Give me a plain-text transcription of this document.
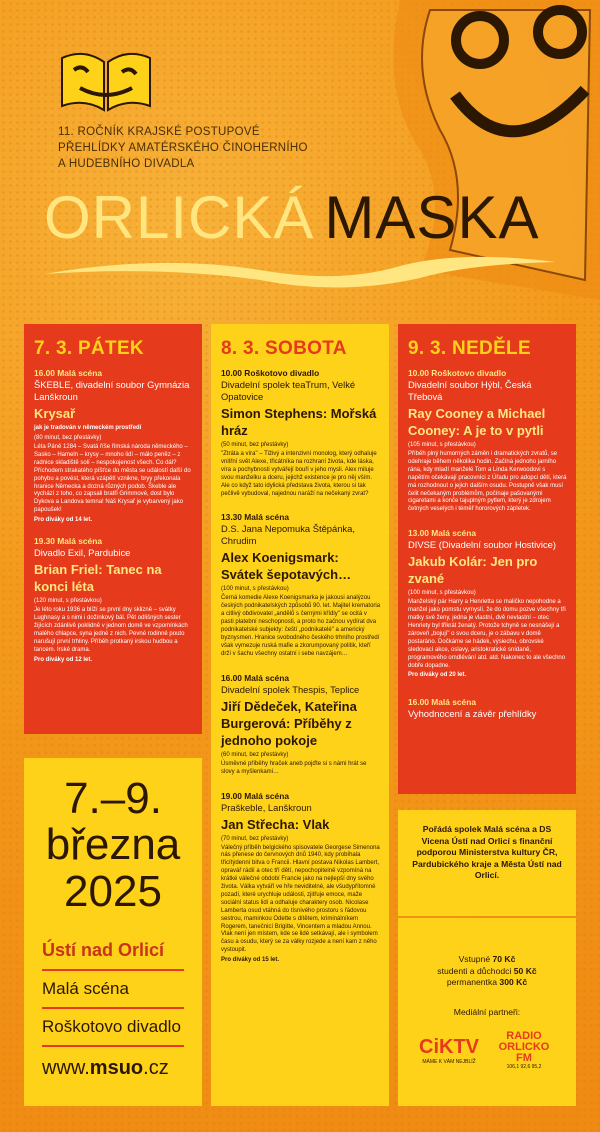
11. ROČNÍK KRAJSKÉ POSTUPOVÉ
PŘEHLÍDKY AMATÉRSKÉHO ČINOHERNÍHO
A HUDEBNÍHO DIVADLA
ORLICKÁ MASKA
7. 3. PÁTEK
16.00 Malá scéna
ŠKEBLE, divadelní soubor Gymnázia Lanškroun
Krysař
jak je tradován v německém prostředí
(80 minut, bez přestávky)
Léta Páně 1284 – Svatá říše římská národa německého – Sasko – Hameln – krysy – mnoho lidí – málo peněz – z radnice skladiště solí – nespokojenost všech. Co dál? Příchodem strakatého píšťce do města se událostí další do pohybu a povést, která vzápětí vznikne, bryy překonala hranice Německa a dozná různých podob. Škeble ale vychází z toho, co zapsali bratři Grimmové, dost bylo Dykova a Landova temna! Náš Krysař je vybarvený jako papoušek!
Pro diváky od 14 let.
19.30 Malá scéna
Divadlo Exil, Pardubice
Brian Friel: Tanec na konci léta
(120 minut, s přestávkou)
Je léto roku 1936 a blíží se první dny sklizně – svátky Lughnasy a s nimi i dožínkový bál. Pět odlišných sester žijících zdánlivě poklidně v jednom domě ve vzpomínkách malého chlapce, syna jedné z nich. Pevné rodinné pouto narušují první trhliny. Příběh protkaný irskou hudbou a tancem. Irské drama.
Pro diváky od 12 let.
8. 3. SOBOTA
10.00 Roškotovo divadlo
Divadelní spolek teaTrum, Velké Opatovice
Simon Stephens: Mořská hráz
(50 minut, bez přestávky)
"Ztráta a víra" – Tiživý a intenzivní monolog, který odhaluje vnitřní svět Alexe, třicátníka na rozhraní života, kde láska, víra a pochybnosti vytvářejí bouři v jeho mysli. Alex miluje svou manželku a dceru, jejichž existence je pro něj vším. Ale co když tato idylická představa života, kterou si tak pečlivě vybudoval, najednou naráží na nečekaný zvrat?
13.30 Malá scéna
D.S. Jana Nepomuka Štěpánka, Chrudim
Alex Koenigsmark: Svátek šepotavých…
(100 minut, s přestávkou)
Černá komedie Alexe Koenigsmarka je jakousi analýzou českých podnikatelských způsobů 90. let. Majitel krematoria a citlivý obdivovatel „andělů s černými křídly" se ocitá v pasti platební neschopnosti, a proto ho začnou vydírat dva podnikatelské subjekty: čeští „podnikatelé" a americký byznysmen. Hranice svobodného českého trhního prostředí však vymezuje ruská mafie a zkorumpovaný politik, kteří drží v šachu všechny ostatní i sebe navzájem…
16.00 Malá scéna
Divadelní spolek Thespis, Teplice
Jiří Dědeček, Kateřina Burgerová: Příběhy z jednoho pokoje
(60 minut, bez přestávky)
Úsměvné příběhy hraček aneb pojďte si s námi hrát se slovy a myšlenkami…
19.00 Malá scéna
Praškeble, Lanškroun
Jan Střecha: Vlak
(70 minut, bez přestávky)
Válečný příběh belgického spisovatele Georgese Simenona nás přenese do červnových dnů 1940, kdy probíhala třicítýdenní bitva o Francii. Hlavní postava Nikolas Lambert, opravář rádií a otec tří dětí, nepochopitelně vzpomíná na krátké válečné období Francie jako na nejlepší dny svého života. Válka vytváří ve hře neviditelné, ale všudypřítomné pozadí, které urychluje události, zjitřuje emoce, maže sociální status lidí a odhaluje charaktery osob. Nicolase Lamberta osud vtáhná do tísnivého prostoru s řádovou sestrou, maminkou Odette s dítětem, kriminálníkem Rogerem, tanečnicí Brigitte, Vincentem a mladou Annou. Vlak není jen místem, kde se lidé setkávají, ale i symbolem času a osudu, který se za války rozjede a není kam z něho vystoupit.
Pro diváky od 15 let.
9. 3. NEDĚLE
10.00 Roškotovo divadlo
Divadelní soubor Hýbl, Česká Třebová
Ray Cooney a Michael Cooney: A je to v pytli
(105 minut, s přestávkou)
Příběh plný humorných záměn i dramatických zvratů, se odehraje během několika hodin. Začíná jednoho jarního rána, kdy mladí manželé Tom a Linda Kerwoodovi s napětím očekávají pracovníci z Úřadu pro adopci dětí, která má rozhodnout o jejich dalším osudu. Postupně však musí čelit nečekaným problémům, počínaje pašovanými cigaretami a konče tajuplným pytlem, který je zdrojem četných veselých i téměř hororových zápletek.
13.00 Malá scéna
DIVSE (Divadelní soubor Hostivice)
Jakub Kolár: Jen pro zvané
(100 minut, s přestávkou)
Manželský pár Harry a Henrietta se maličko nepohodne a manžel jako pomstu vymyslí, že do domu pozve všechny tři matky své ženy, jedna je vlastní, dvě nevlastní – otec Henriety byl třikrát ženatý. Protože tchyně se nesnášejí a zároveň „bojují" o svou dceru, je o zábavu v domě postaráno. Dočkáme se hádek, výsiechu, obrovské sledovací akce, oslavy, aristokratické snídaně, programového omdlévání atd. atd. Nakonec to ale všechno dobře dopadne.
Pro diváky od 20 let.
16.00 Malá scéna
Vyhodnocení a závěr přehlídky
7.–9.
března
2025
Ústí nad Orlicí
Malá scéna
Roškotovo divadlo
www.msuo.cz
Pořádá spolek Malá scéna a DS Vicena Ústí nad Orlicí s finanční podporou Ministerstva kultury ČR, Pardubického kraje a Města Ústí nad Orlicí.
Vstupné 70 Kč
studenti a důchodci 50 Kč
permanentka 300 Kč
Mediální partneři:
CiKTV
MÁME K VÁM NEJBLÍŽ
RADIO ORLICKO FM
106,1 92,6 95,2
